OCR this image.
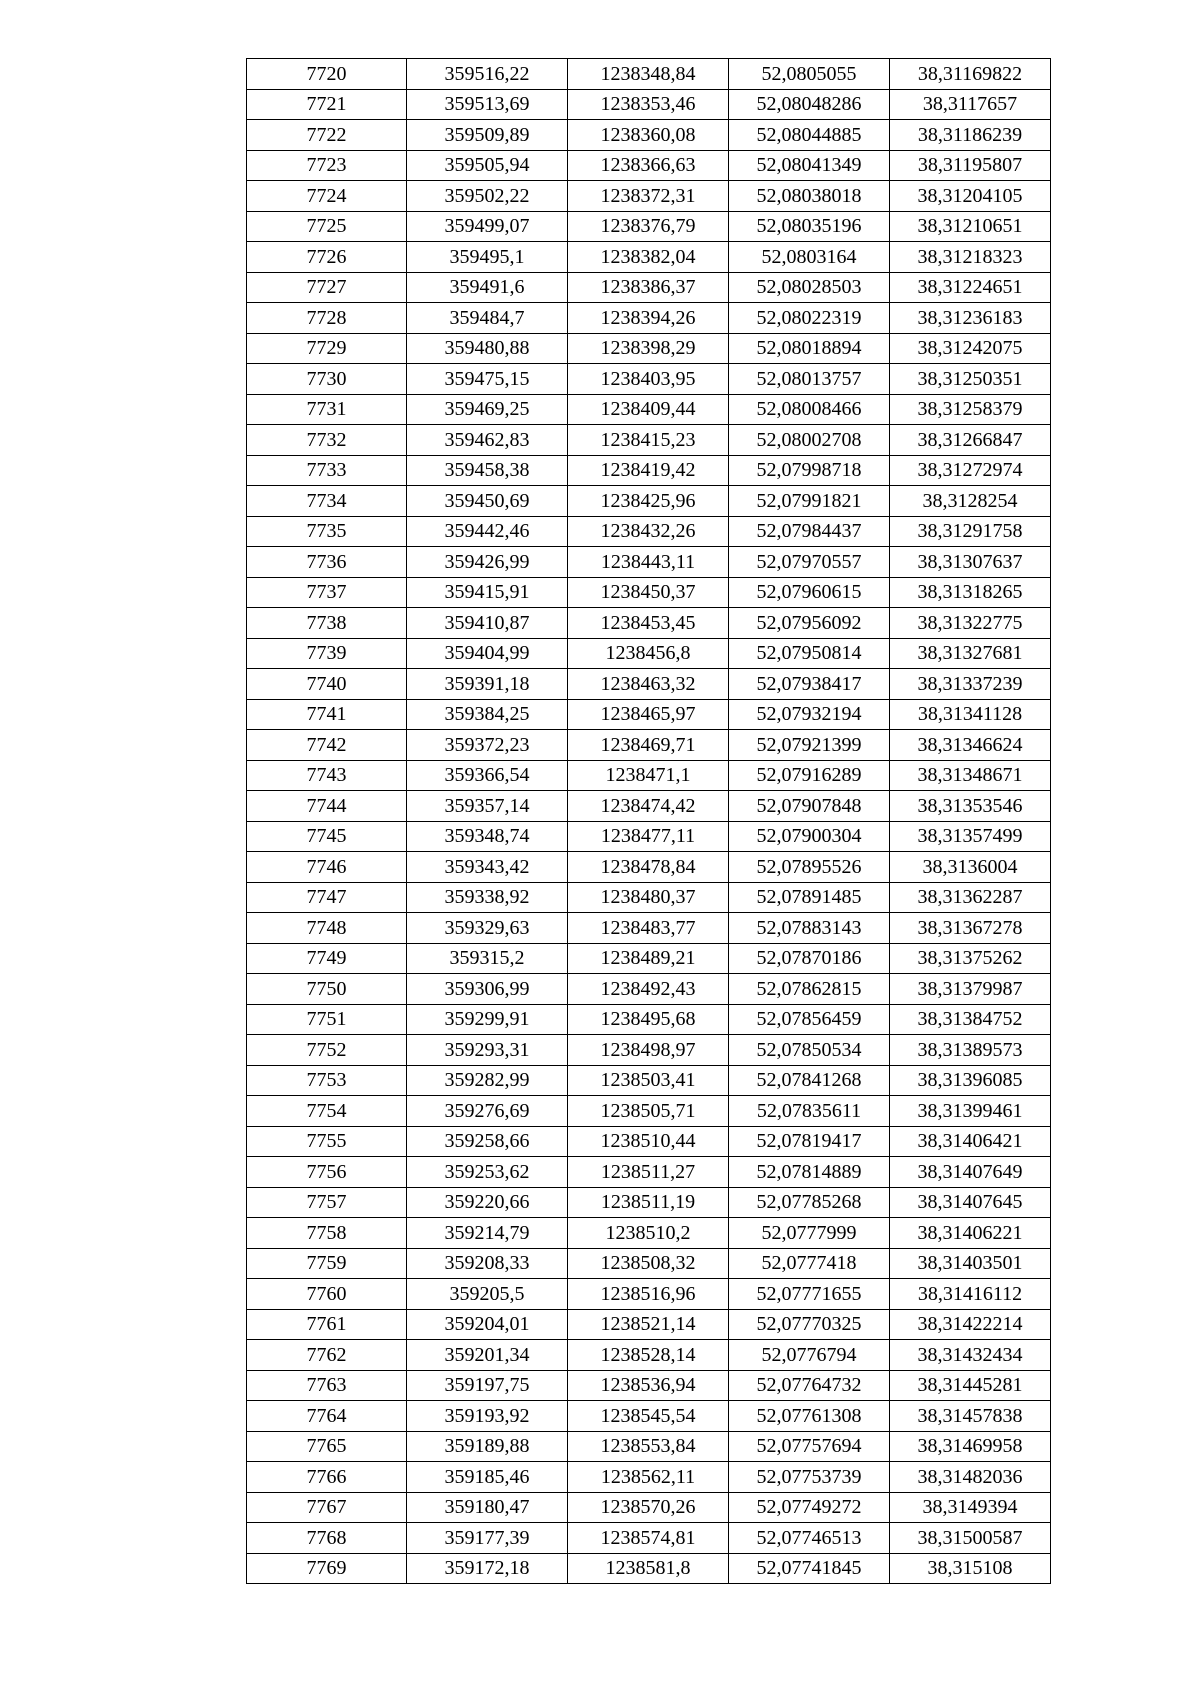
7720	359516,22	1238348,84	52,0805055	38,31169822
7721	359513,69	1238353,46	52,08048286	38,3117657
7722	359509,89	1238360,08	52,08044885	38,31186239
7723	359505,94	1238366,63	52,08041349	38,31195807
7724	359502,22	1238372,31	52,08038018	38,31204105
7725	359499,07	1238376,79	52,08035196	38,31210651
7726	359495,1	1238382,04	52,0803164	38,31218323
7727	359491,6	1238386,37	52,08028503	38,31224651
7728	359484,7	1238394,26	52,08022319	38,31236183
7729	359480,88	1238398,29	52,08018894	38,31242075
7730	359475,15	1238403,95	52,08013757	38,31250351
7731	359469,25	1238409,44	52,08008466	38,31258379
7732	359462,83	1238415,23	52,08002708	38,31266847
7733	359458,38	1238419,42	52,07998718	38,31272974
7734	359450,69	1238425,96	52,07991821	38,3128254
7735	359442,46	1238432,26	52,07984437	38,31291758
7736	359426,99	1238443,11	52,07970557	38,31307637
7737	359415,91	1238450,37	52,07960615	38,31318265
7738	359410,87	1238453,45	52,07956092	38,31322775
7739	359404,99	1238456,8	52,07950814	38,31327681
7740	359391,18	1238463,32	52,07938417	38,31337239
7741	359384,25	1238465,97	52,07932194	38,31341128
7742	359372,23	1238469,71	52,07921399	38,31346624
7743	359366,54	1238471,1	52,07916289	38,31348671
7744	359357,14	1238474,42	52,07907848	38,31353546
7745	359348,74	1238477,11	52,07900304	38,31357499
7746	359343,42	1238478,84	52,07895526	38,3136004
7747	359338,92	1238480,37	52,07891485	38,31362287
7748	359329,63	1238483,77	52,07883143	38,31367278
7749	359315,2	1238489,21	52,07870186	38,31375262
7750	359306,99	1238492,43	52,07862815	38,31379987
7751	359299,91	1238495,68	52,07856459	38,31384752
7752	359293,31	1238498,97	52,07850534	38,31389573
7753	359282,99	1238503,41	52,07841268	38,31396085
7754	359276,69	1238505,71	52,07835611	38,31399461
7755	359258,66	1238510,44	52,07819417	38,31406421
7756	359253,62	1238511,27	52,07814889	38,31407649
7757	359220,66	1238511,19	52,07785268	38,31407645
7758	359214,79	1238510,2	52,0777999	38,31406221
7759	359208,33	1238508,32	52,0777418	38,31403501
7760	359205,5	1238516,96	52,07771655	38,31416112
7761	359204,01	1238521,14	52,07770325	38,31422214
7762	359201,34	1238528,14	52,0776794	38,31432434
7763	359197,75	1238536,94	52,07764732	38,31445281
7764	359193,92	1238545,54	52,07761308	38,31457838
7765	359189,88	1238553,84	52,07757694	38,31469958
7766	359185,46	1238562,11	52,07753739	38,31482036
7767	359180,47	1238570,26	52,07749272	38,3149394
7768	359177,39	1238574,81	52,07746513	38,31500587
7769	359172,18	1238581,8	52,07741845	38,315108
